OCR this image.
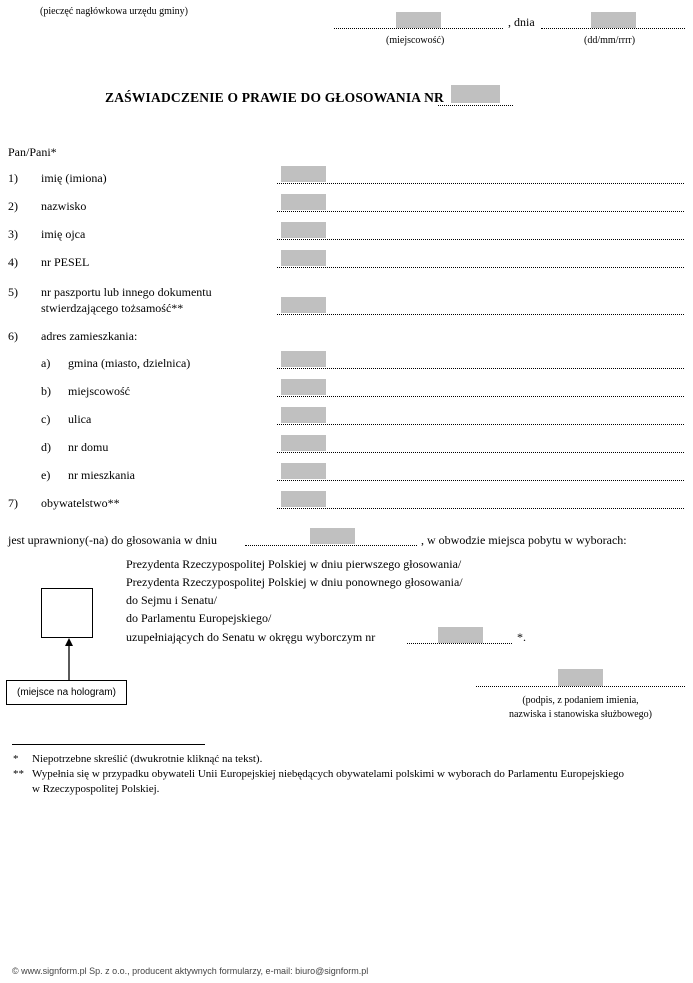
(pieczęć nagłówkowa urzędu gminy)
, dnia
(miejscowość)	(dd/mm/rrrr)
ZAŚWIADCZENIE O PRAWIE DO GŁOSOWANIA NR
Pan/Pani*
1) imię (imiona)
2) nazwisko
3) imię ojca
4) nr PESEL
5) nr paszportu lub innego dokumentu
stwierdzającego tożsamość**
6) adres zamieszkania:
a) gmina (miasto, dzielnica)
b) miejscowość
c) ulica
d) nr domu
e) nr mieszkania
7) obywatelstwo**
jest uprawniony(-na) do głosowania w dniu	, w obwodzie miejsca pobytu w wyborach:
Prezydenta Rzeczypospolitej Polskiej w dniu pierwszego głosowania/
Prezydenta Rzeczypospolitej Polskiej w dniu ponownego głosowania/
do Sejmu i Senatu/
do Parlamentu Europejskiego/
uzupełniających do Senatu w okręgu wyborczym nr	*.
(miejsce na hologram)
(podpis, z podaniem imienia,
nazwiska i stanowiska służbowego)
* Niepotrzebne skreślić (dwukrotnie kliknąć na tekst).
** Wypełnia się w przypadku obywateli Unii Europejskiej niebędących obywatelami polskimi w wyborach do Parlamentu Europejskiego
w Rzeczypospolitej Polskiej.
© www.signform.pl Sp. z o.o., producent aktywnych formularzy, e-mail: biuro@signform.pl
